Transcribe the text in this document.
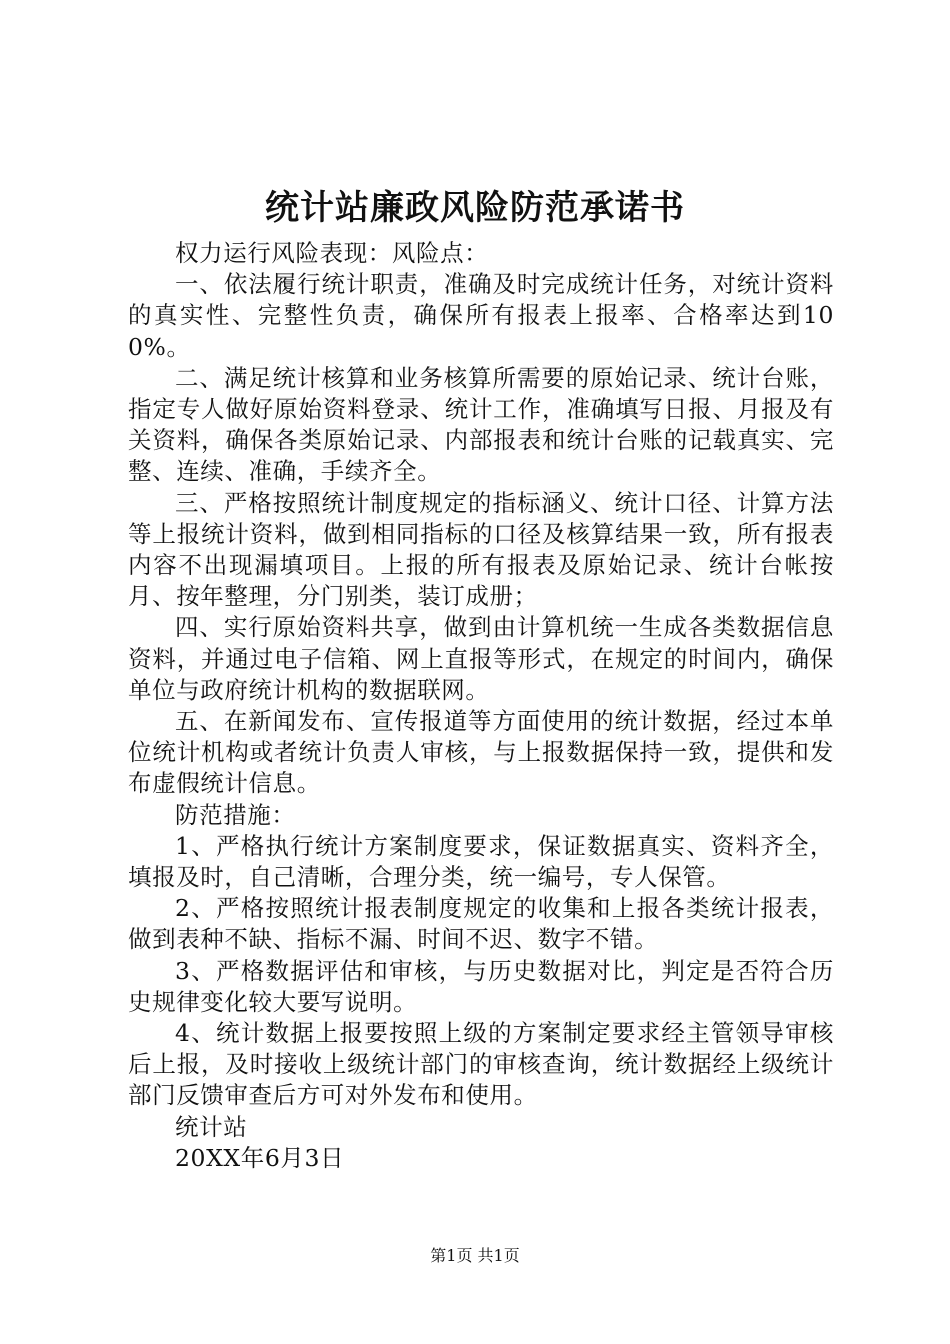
统计站廉政风险防范承诺书

权力运行风险表现：风险点：

一、依法履行统计职责，准确及时完成统计任务，对统计资料的真实性、完整性负责，确保所有报表上报率、合格率达到100%。

二、满足统计核算和业务核算所需要的原始记录、统计台账，指定专人做好原始资料登录、统计工作，准确填写日报、月报及有关资料，确保各类原始记录、内部报表和统计台账的记载真实、完整、连续、准确，手续齐全。

三、严格按照统计制度规定的指标涵义、统计口径、计算方法等上报统计资料，做到相同指标的口径及核算结果一致，所有报表内容不出现漏填项目。上报的所有报表及原始记录、统计台帐按月、按年整理，分门别类，装订成册；

四、实行原始资料共享，做到由计算机统一生成各类数据信息资料，并通过电子信箱、网上直报等形式，在规定的时间内，确保单位与政府统计机构的数据联网。

五、在新闻发布、宣传报道等方面使用的统计数据，经过本单位统计机构或者统计负责人审核，与上报数据保持一致，提供和发布虚假统计信息。

防范措施：

1、严格执行统计方案制度要求，保证数据真实、资料齐全，填报及时，自己清晰，合理分类，统一编号，专人保管。

2、严格按照统计报表制度规定的收集和上报各类统计报表，做到表种不缺、指标不漏、时间不迟、数字不错。

3、严格数据评估和审核，与历史数据对比，判定是否符合历史规律变化较大要写说明。

4、统计数据上报要按照上级的方案制定要求经主管领导审核后上报，及时接收上级统计部门的审核查询，统计数据经上级统计部门反馈审查后方可对外发布和使用。

统计站

20XX年6月3日

第1页 共1页
